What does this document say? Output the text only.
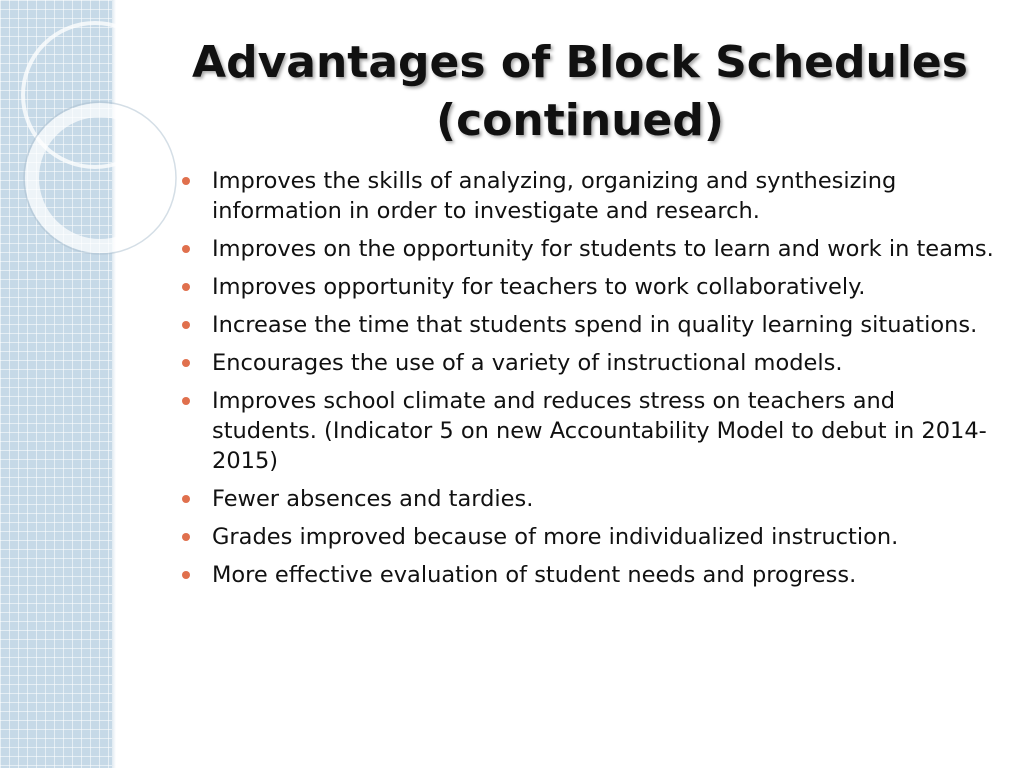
Advantages of Block Schedules (continued)
Improves the skills of analyzing, organizing and synthesizing information in order to investigate and research.
Improves on the opportunity for students to learn and work in teams.
Improves opportunity for teachers to work collaboratively.
Increase the time that students spend in quality learning situations.
Encourages the use of a variety of instructional models.
Improves school climate and reduces stress on teachers and students. (Indicator 5 on new Accountability Model to debut in 2014-2015)
Fewer absences and tardies.
Grades improved because of more individualized instruction.
More effective evaluation of student needs and progress.
